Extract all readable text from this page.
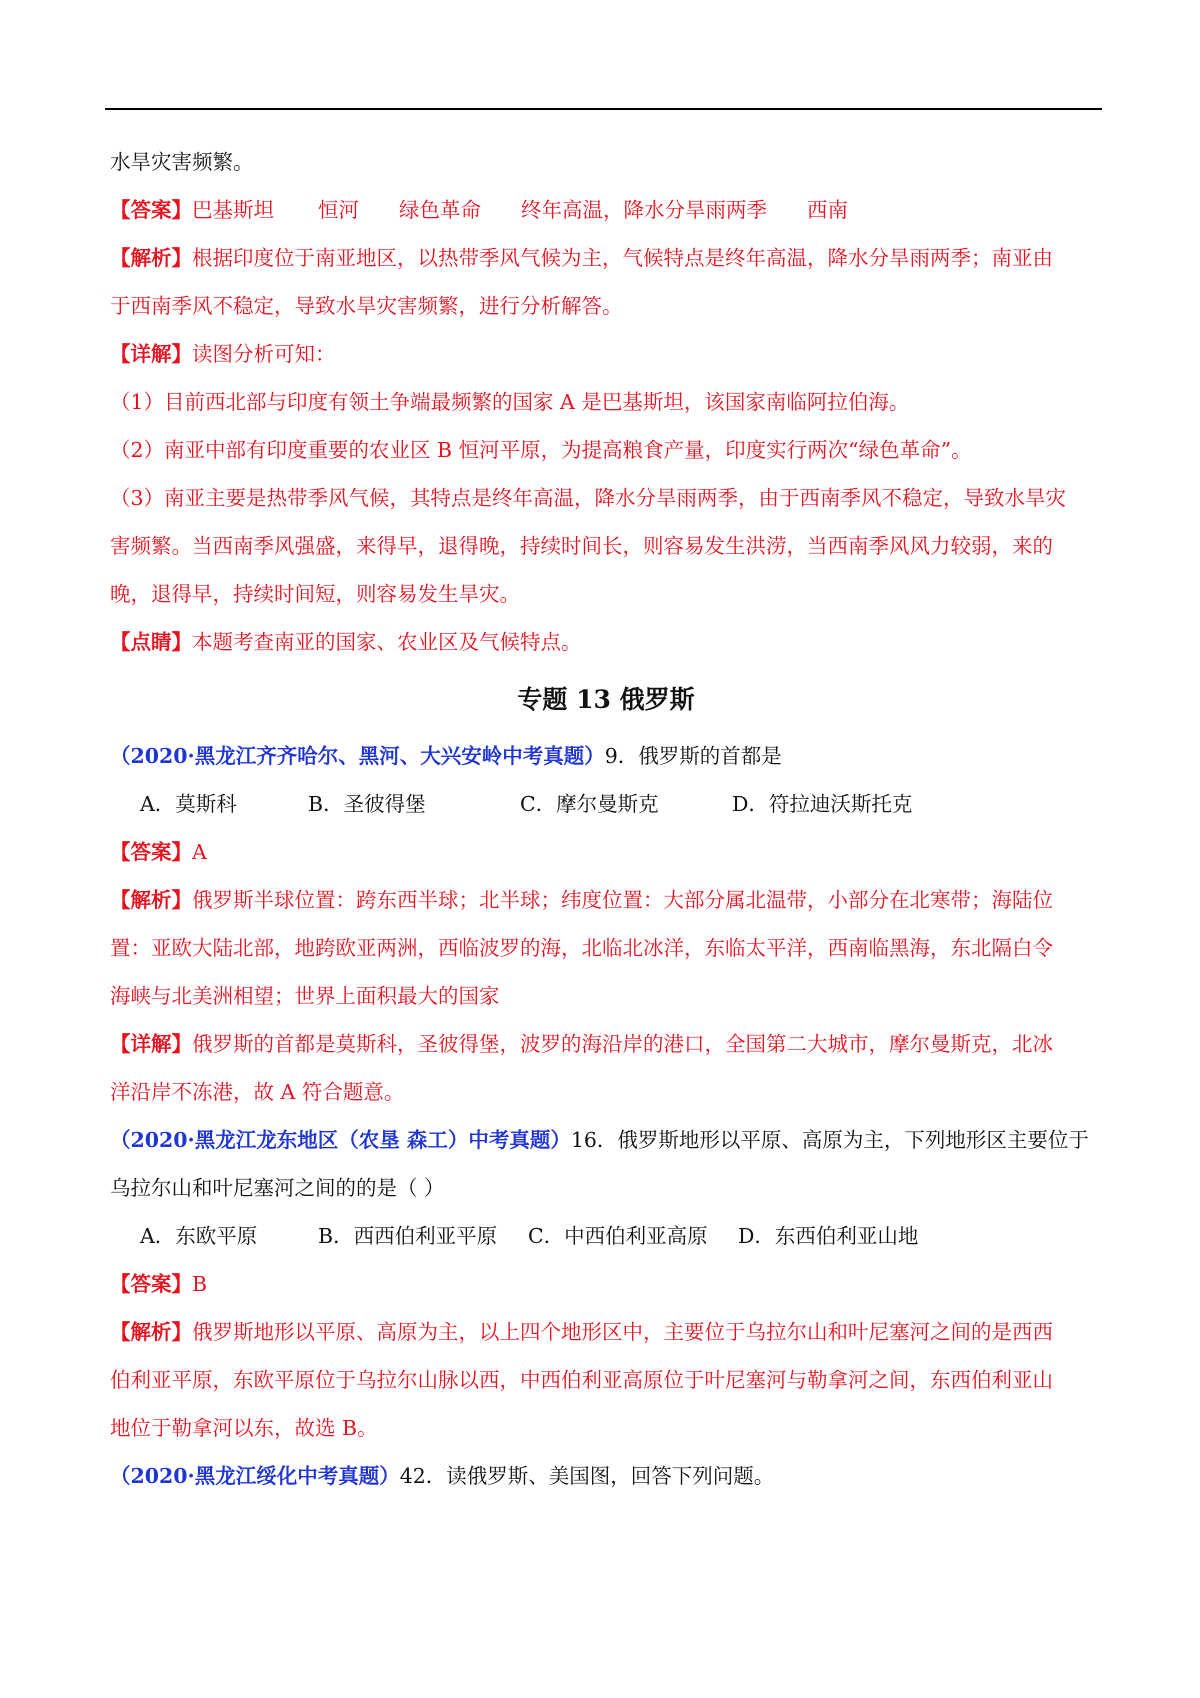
水旱灾害频繁。

【答案】巴基斯坦 恒河 绿色革命 终年高温，降水分旱雨两季 西南

【解析】根据印度位于南亚地区，以热带季风气候为主，气候特点是终年高温，降水分旱雨两季；南亚由
于西南季风不稳定，导致水旱灾害频繁，进行分析解答。

【详解】读图分析可知：

（1）目前西北部与印度有领土争端最频繁的国家 A 是巴基斯坦，该国家南临阿拉伯海。

（2）南亚中部有印度重要的农业区 B 恒河平原，为提高粮食产量，印度实行两次“绿色革命”。

（3）南亚主要是热带季风气候，其特点是终年高温，降水分旱雨两季，由于西南季风不稳定，导致水旱灾
害频繁。当西南季风强盛，来得早，退得晚，持续时间长，则容易发生洪涝，当西南季风风力较弱，来的
晚，退得早，持续时间短，则容易发生旱灾。

【点睛】本题考查南亚的国家、农业区及气候特点。

专题 13 俄罗斯

（2020·黑龙江齐齐哈尔、黑河、大兴安岭中考真题）9．俄罗斯的首都是

A．莫斯科	B．圣彼得堡	C．摩尔曼斯克	D．符拉迪沃斯托克

【答案】A

【解析】俄罗斯半球位置：跨东西半球；北半球；纬度位置：大部分属北温带，小部分在北寒带；海陆位
置：亚欧大陆北部，地跨欧亚两洲，西临波罗的海，北临北冰洋，东临太平洋，西南临黑海，东北隔白令
海峡与北美洲相望；世界上面积最大的国家

【详解】俄罗斯的首都是莫斯科，圣彼得堡，波罗的海沿岸的港口，全国第二大城市，摩尔曼斯克，北冰
洋沿岸不冻港，故 A 符合题意。

（2020·黑龙江龙东地区（农垦 森工）中考真题）16．俄罗斯地形以平原、高原为主，下列地形区主要位于
乌拉尔山和叶尼塞河之间的的是（ ）

A．东欧平原	B．西西伯利亚平原 C．中西伯利亚高原 D．东西伯利亚山地

【答案】B

【解析】俄罗斯地形以平原、高原为主，以上四个地形区中，主要位于乌拉尔山和叶尼塞河之间的是西西
伯利亚平原，东欧平原位于乌拉尔山脉以西，中西伯利亚高原位于叶尼塞河与勒拿河之间，东西伯利亚山
地位于勒拿河以东，故选 B。

（2020·黑龙江绥化中考真题）42．读俄罗斯、美国图，回答下列问题。
